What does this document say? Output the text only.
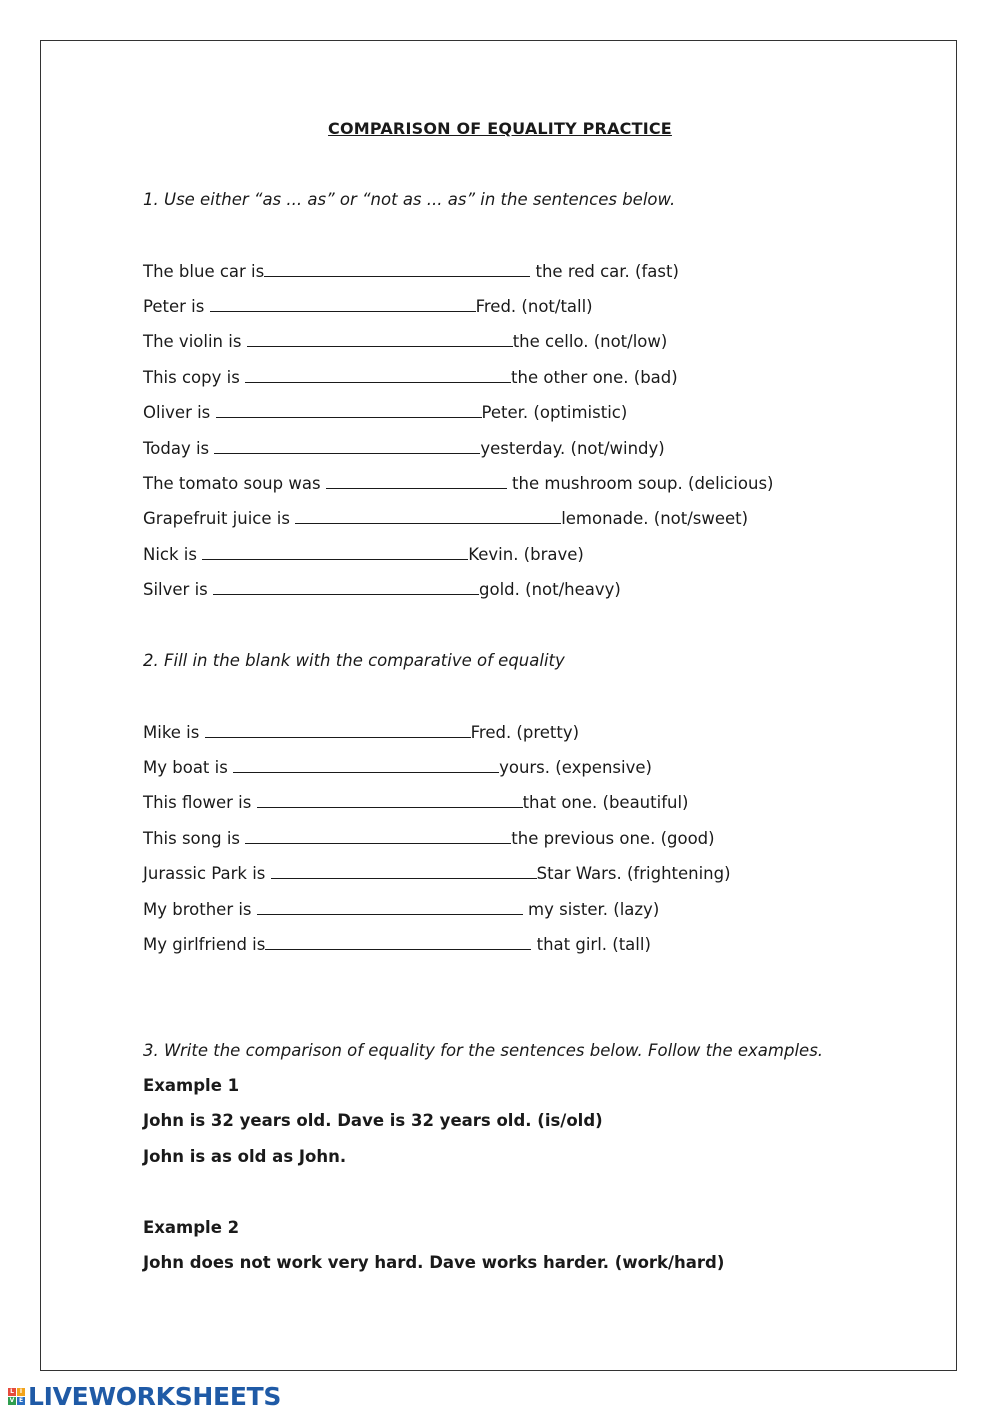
COMPARISON OF EQUALITY PRACTICE
1. Use either “as ... as” or “not as ... as” in the sentences below.
The blue car is	the red car. (fast)
Peter is	Fred. (not/tall)
The violin is	the cello. (not/low)
This copy is	the other one. (bad)
Oliver is	Peter. (optimistic)
Today is	yesterday. (not/windy)
The tomato soup was	the mushroom soup. (delicious)
Grapefruit juice is	lemonade. (not/sweet)
Nick is	Kevin. (brave)
Silver is	gold. (not/heavy)
2. Fill in the blank with the comparative of equality
Mike is	Fred. (pretty)
My boat is	yours. (expensive)
This flower is	that one. (beautiful)
This song is	the previous one. (good)
Jurassic Park is	Star Wars. (frightening)
My brother is	my sister. (lazy)
My girlfriend is	that girl. (tall)
3. Write the comparison of equality for the sentences below. Follow the examples.
Example 1
John is 32 years old. Dave is 32 years old. (is/old)
John is as old as John.
Example 2
John does not work very hard. Dave works harder. (work/hard)
L I
V E LIVEWORKSHEETS
